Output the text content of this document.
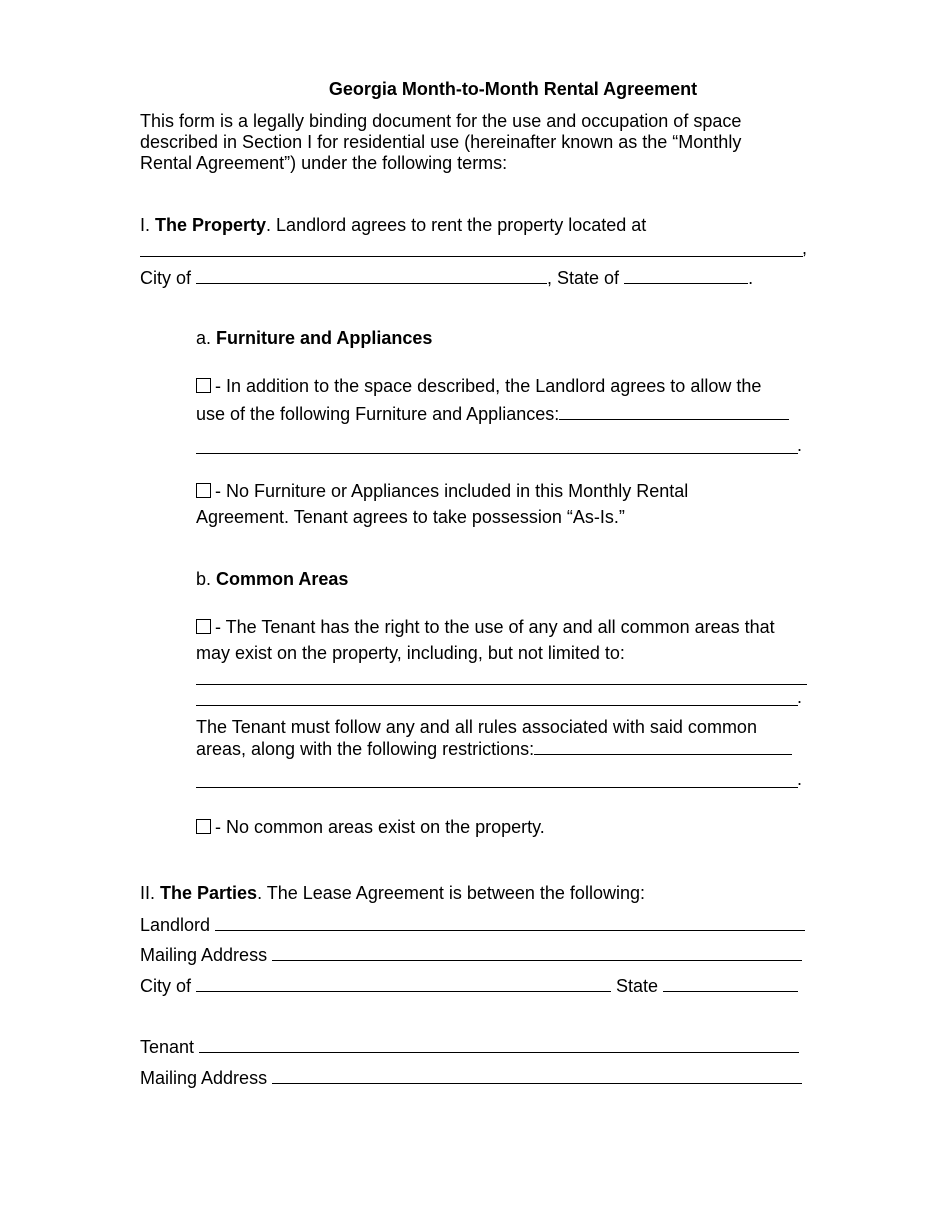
Georgia Month-to-Month Rental Agreement
This form is a legally binding document for the use and occupation of space
described in Section I for residential use (hereinafter known as the “Monthly
Rental Agreement”) under the following terms:
I. The Property. Landlord agrees to rent the property located at
,
City of	, State of	.
a. Furniture and Appliances
- In addition to the space described, the Landlord agrees to allow the
use of the following Furniture and Appliances:
.
- No Furniture or Appliances included in this Monthly Rental
Agreement. Tenant agrees to take possession “As-Is.”
b. Common Areas
- The Tenant has the right to the use of any and all common areas that
may exist on the property, including, but not limited to:
.
The Tenant must follow any and all rules associated with said common
areas, along with the following restrictions:
.
- No common areas exist on the property.
II. The Parties. The Lease Agreement is between the following:
Landlord
Mailing Address
City of	State
Tenant
Mailing Address
